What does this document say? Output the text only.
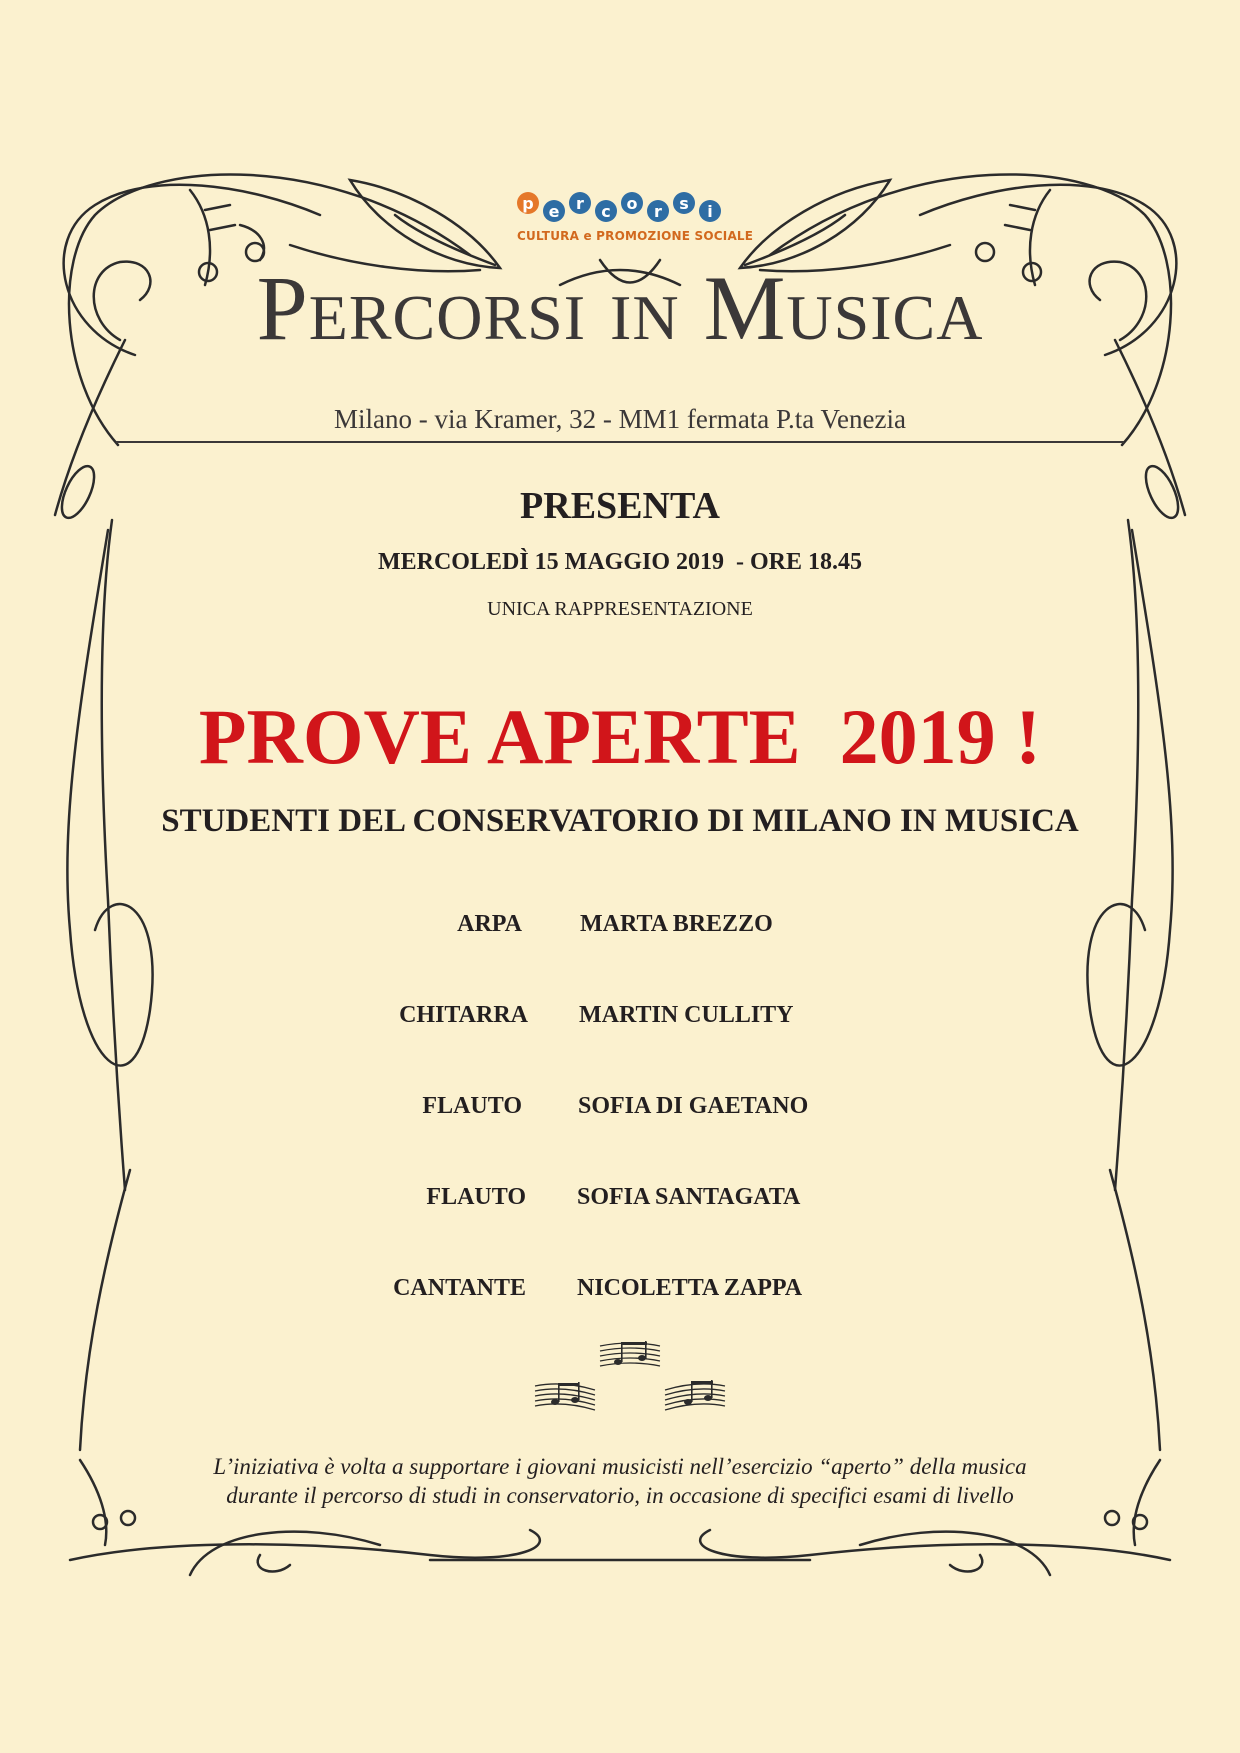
p e	r	c o	r	s	i
CULTURA e PROMOZIONE SOCIALE
Percorsi in Musica
Milano - via Kramer, 32 - MM1 fermata P.ta Venezia
PRESENTA
MERCOLEDÌ 15 MAGGIO 2019  - ORE 18.45
UNICA RAPPRESENTAZIONE
PROVE APERTE  2019 !
STUDENTI DEL CONSERVATORIO DI MILANO IN MUSICA
ARPA MARTA BREZZO
CHITARRA MARTIN CULLITY
FLAUTO SOFIA DI GAETANO
FLAUTO SOFIA SANTAGATA
CANTANTE NICOLETTA ZAPPA
L’iniziativa è volta a supportare i giovani musicisti nell’esercizio “aperto” della musica
durante il percorso di studi in conservatorio, in occasione di specifici esami di livello
